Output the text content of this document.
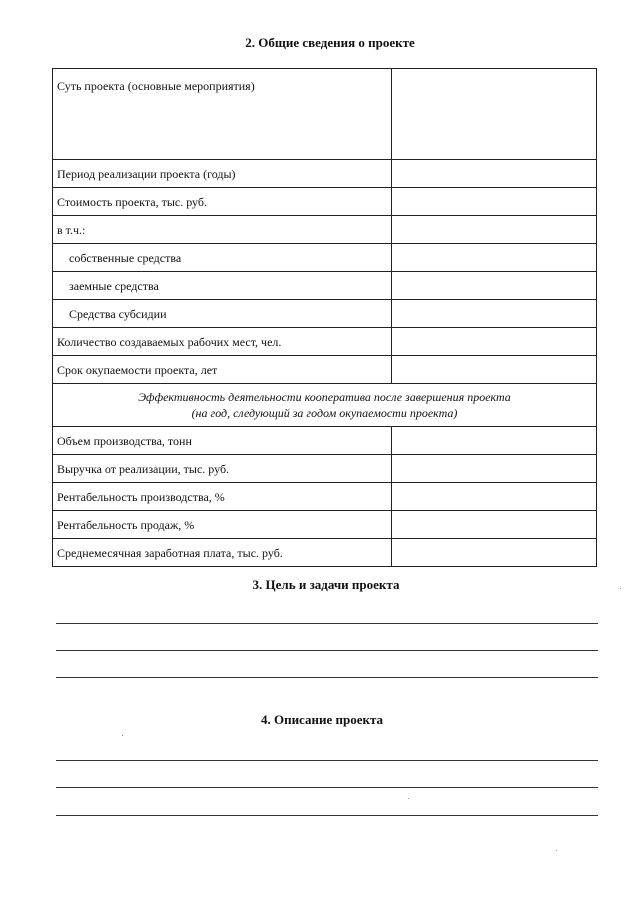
2. Общие сведения о проекте
Суть проекта (основные мероприятия)	
Период реализации проекта (годы)	
Стоимость проекта, тыс. руб.	
в т.ч.:	
собственные средства	
заемные средства	
Средства субсидии	
Количество создаваемых рабочих мест, чел.	
Срок окупаемости проекта, лет	
Эффективность деятельности кооператива после завершения проекта
(на год, следующий за годом окупаемости проекта)	
Объем производства, тонн	
Выручка от реализации, тыс. руб.	
Рентабельность производства, %	
Рентабельность продаж, %	
Среднемесячная заработная плата, тыс. руб.	
3. Цель и задачи проекта
4. Описание проекта
